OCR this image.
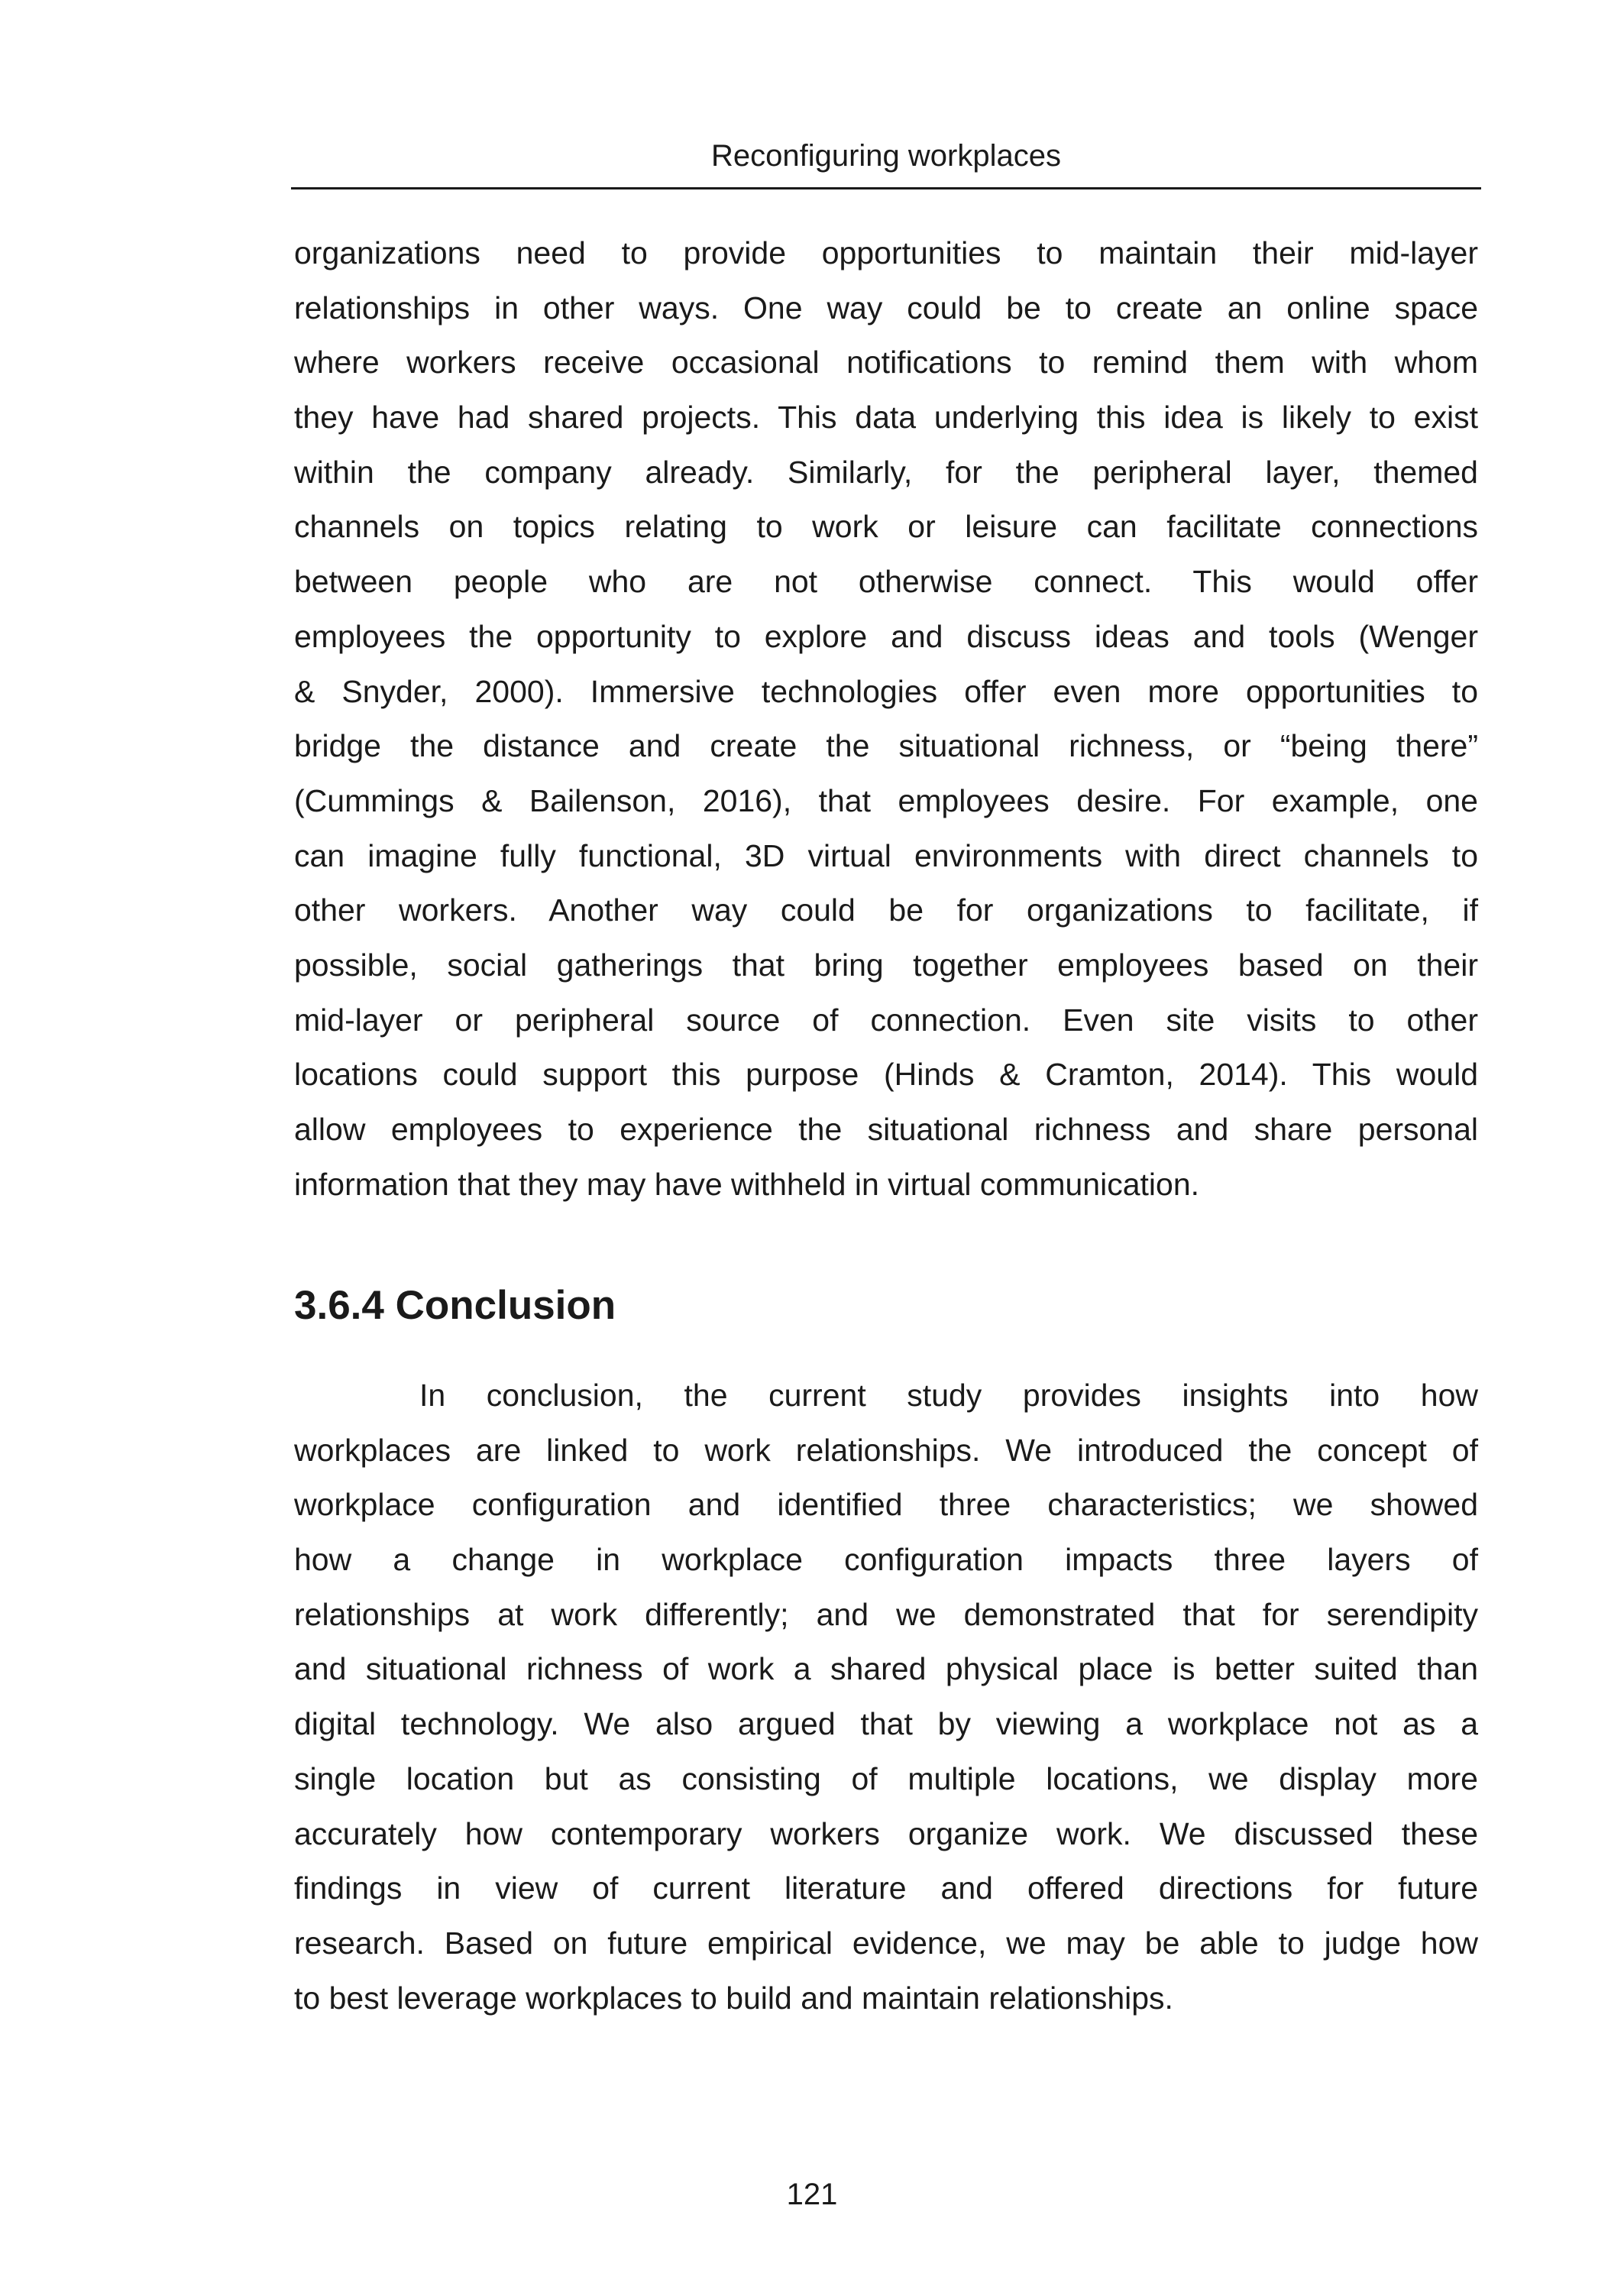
Reconfiguring workplaces
organizations need to provide opportunities to maintain their mid-layer
relationships in other ways. One way could be to create an online space
where workers receive occasional notifications to remind them with whom
they have had shared projects. This data underlying this idea is likely to exist
within the company already. Similarly, for the peripheral layer, themed
channels on topics relating to work or leisure can facilitate connections
between people who are not otherwise connect. This would offer
employees the opportunity to explore and discuss ideas and tools (Wenger
& Snyder, 2000). Immersive technologies offer even more opportunities to
bridge the distance and create the situational richness, or “being there”
(Cummings & Bailenson, 2016), that employees desire. For example, one
can imagine fully functional, 3D virtual environments with direct channels to
other workers. Another way could be for organizations to facilitate, if
possible, social gatherings that bring together employees based on their
mid-layer or peripheral source of connection. Even site visits to other
locations could support this purpose (Hinds & Cramton, 2014). This would
allow employees to experience the situational richness and share personal
information that they may have withheld in virtual communication.
3.6.4 Conclusion
In conclusion, the current study provides insights into how
workplaces are linked to work relationships. We introduced the concept of
workplace configuration and identified three characteristics; we showed
how a change in workplace configuration impacts three layers of
relationships at work differently; and we demonstrated that for serendipity
and situational richness of work a shared physical place is better suited than
digital technology. We also argued that by viewing a workplace not as a
single location but as consisting of multiple locations, we display more
accurately how contemporary workers organize work. We discussed these
findings in view of current literature and offered directions for future
research. Based on future empirical evidence, we may be able to judge how
to best leverage workplaces to build and maintain relationships.
121
